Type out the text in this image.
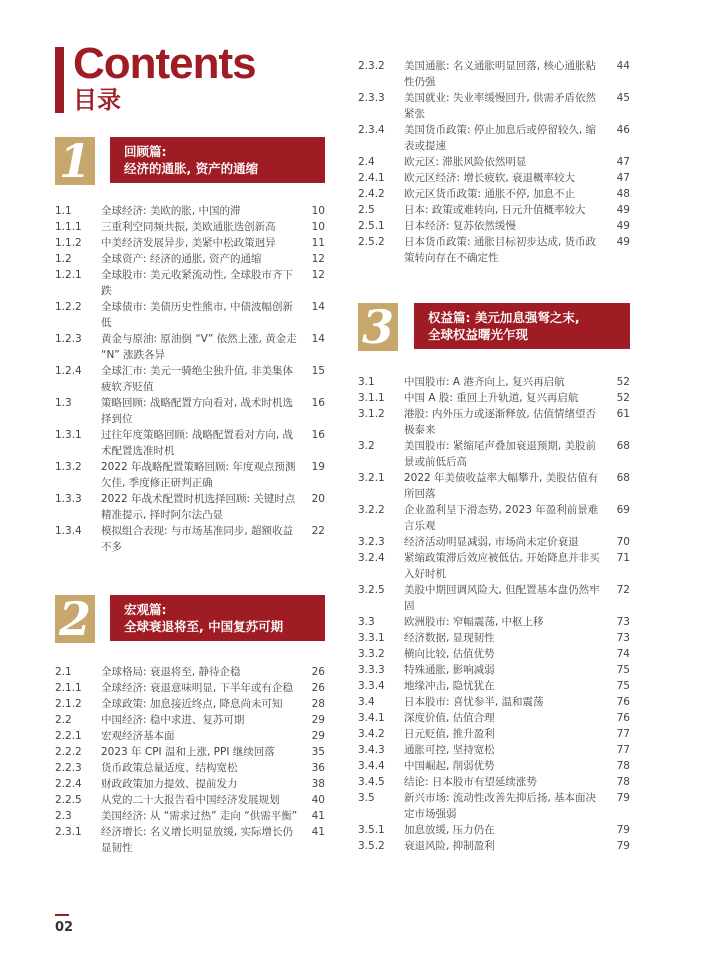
Contents
目录
1	回顾篇:
经济的通胀, 资产的通缩
2	宏观篇:
全球衰退将至, 中国复苏可期
3	权益篇: 美元加息强弩之末,
全球权益曙光乍现
1.1	全球经济: 美欧的胀, 中国的滞	10
1.1.1	三重利空同频共振, 美欧通胀迭创新高	10
1.1.2	中美经济发展异步, 美紧中松政策迥异	11
1.2	全球资产: 经济的通胀, 资产的通缩	12
1.2.1	全球股市: 美元收紧流动性, 全球股市齐下跌
12
1.2.2	全球债市: 美债历史性熊市, 中债波幅创新低
14
1.2.3	黄金与原油: 原油倒 “V” 依然上涨, 黄金走 “N” 涨跌各异
14
1.2.4	全球汇市: 美元一骑绝尘独升值, 非美集体疲软齐贬值
15
1.3	策略回顾: 战略配置方向看对, 战术时机选择到位
16
1.3.1	过往年度策略回顾: 战略配置看对方向, 战术配置选准时机
16
1.3.2	2022 年战略配置策略回顾: 年度观点预测欠佳, 季度修正研判正确
19
1.3.3	2022 年战术配置时机选择回顾: 关键时点精准提示, 择时阿尔法凸显
20
1.3.4	模拟组合表现: 与市场基准同步, 超额收益不多
22
2.1	全球格局: 衰退将至, 静待企稳	26
2.1.1	全球经济: 衰退意味明显, 下半年或有企稳	26
2.1.2	全球政策: 加息接近终点, 降息尚未可知	28
2.2	中国经济: 稳中求进、复苏可期	29
2.2.1	宏观经济基本面	29
2.2.2	2023 年 CPI 温和上涨, PPI 继续回落	35
2.2.3	货币政策总量适度、结构宽松	36
2.2.4	财政政策加力提效、提前发力	38
2.2.5	从党的二十大报告看中国经济发展规划	40
2.3	美国经济: 从 “需求过热” 走向 “供需平衡”	41
2.3.1	经济增长: 名义增长明显放缓, 实际增长仍显韧性
41
2.3.2	美国通胀: 名义通胀明显回落, 核心通胀粘性仍强
44
2.3.3	美国就业: 失业率缓慢回升, 供需矛盾依然紧张
45
2.3.4	美国货币政策: 停止加息后或停留较久, 缩表或提速
46
2.4	欧元区: 滞胀风险依然明显	47
2.4.1	欧元区经济: 增长疲软, 衰退概率较大	47
2.4.2	欧元区货币政策: 通胀不停, 加息不止	48
2.5	日本: 政策或难转向, 日元升值概率较大	49
2.5.1	日本经济: 复苏依然缓慢	49
2.5.2	日本货币政策: 通胀目标初步达成, 货币政策转向存在不确定性
49
3.1	中国股市: A 港齐向上, 复兴再启航	52
3.1.1	中国 A 股: 重回上升轨道, 复兴再启航	52
3.1.2	港股: 内外压力或逐渐释放, 估值情绪望否极泰来
61
3.2	美国股市: 紧缩尾声叠加衰退预期, 美股前景或前低后高
68
3.2.1	2022 年美债收益率大幅攀升, 美股估值有所回落
68
3.2.2	企业盈利呈下滑态势, 2023 年盈利前景难言乐观
69
3.2.3	经济活动明显减弱, 市场尚未定价衰退	70
3.2.4	紧缩政策滞后效应被低估, 开始降息并非买入好时机
71
3.2.5	美股中期回调风险大, 但配置基本盘仍然牢固
72
3.3	欧洲股市: 窄幅震荡, 中枢上移	73
3.3.1	经济数据, 显现韧性	73
3.3.2	横向比较, 估值优势	74
3.3.3	特殊通胀, 影响减弱	75
3.3.4	地缘冲击, 隐忧犹在	75
3.4	日本股市: 喜忧参半, 温和震荡	76
3.4.1	深度价值, 估值合理	76
3.4.2	日元贬值, 推升盈利	77
3.4.3	通胀可控, 坚持宽松	77
3.4.4	中国崛起, 削弱优势	78
3.4.5	结论: 日本股市有望延续涨势	78
3.5	新兴市场: 流动性改善先抑后扬, 基本面决定市场强弱
79
3.5.1	加息放缓, 压力仍在	79
3.5.2	衰退风险, 抑制盈利	79
02
